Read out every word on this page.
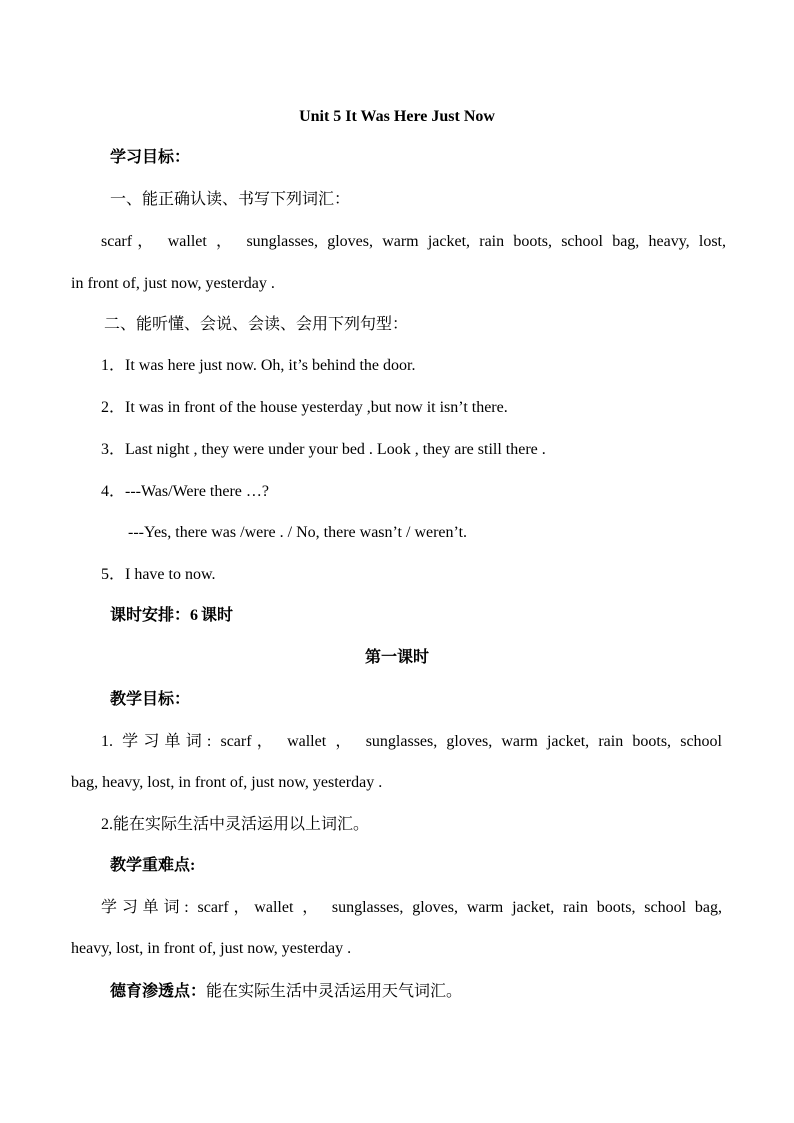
Unit 5 It Was Here Just Now
学习目标：
一、能正确认读、书写下列词汇：
scarf， wallet ， sunglasses, gloves, warm jacket, rain boots, school bag, heavy, lost,
in front of, just now, yesterday .
二、能听懂、会说、会读、会用下列句型：
1．It was here just now. Oh, it’s behind the door.
2．It was in front of the house yesterday ,but now it isn’t there.
3．Last night , they were under your bed . Look , they are still there .
4．---Was/Were there …?
---Yes, there was /were . / No, there wasn’t / weren’t.
5．I have to now.
课时安排：6 课时
第一课时
教学目标：
1. 学习单词: scarf， wallet ， sunglasses, gloves, warm jacket, rain boots, school
bag, heavy, lost, in front of, just now, yesterday .
2.能在实际生活中灵活运用以上词汇。
教学重难点:
学习单词: scarf，wallet ， sunglasses, gloves, warm jacket, rain boots, school bag,
heavy, lost, in front of, just now, yesterday .
德育渗透点：能在实际生活中灵活运用天气词汇。
